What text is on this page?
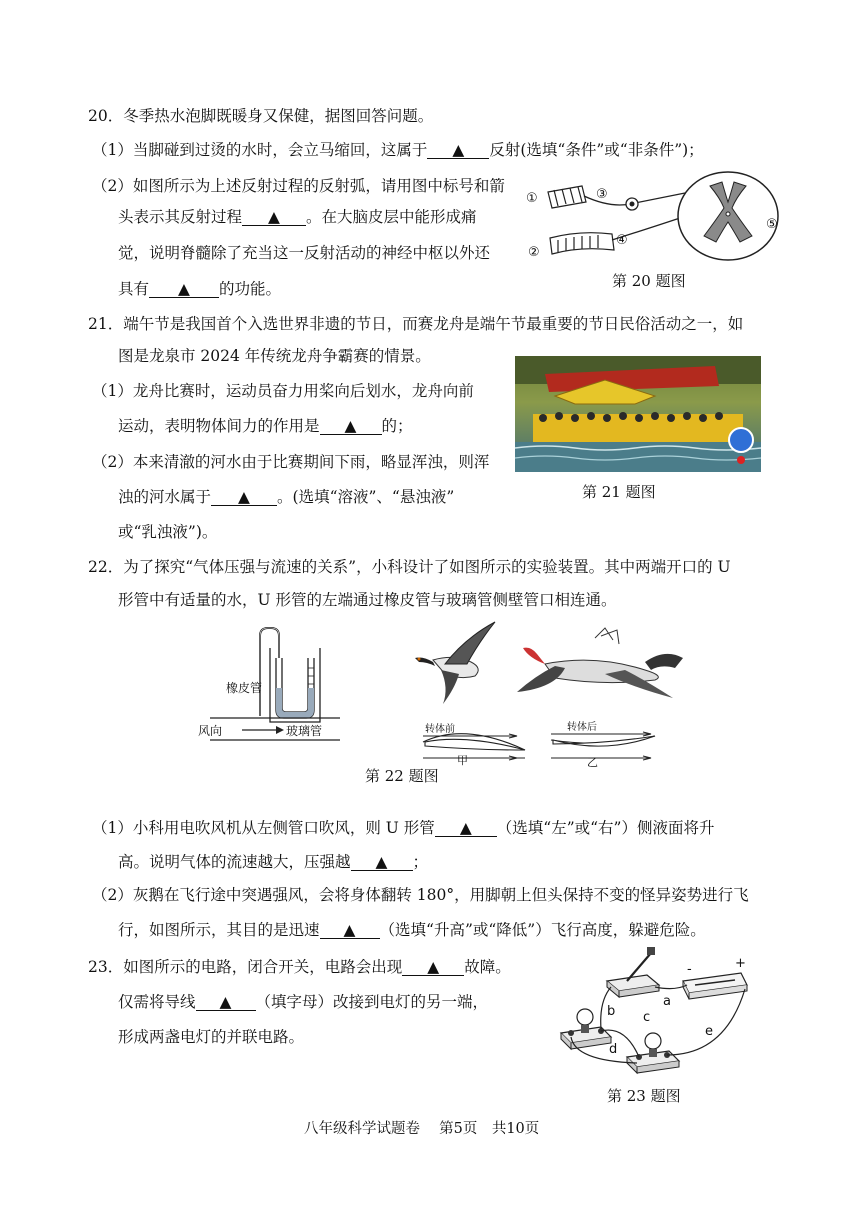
20．冬季热水泡脚既暖身又保健，据图回答问题。
（1）当脚碰到过烫的水时，会立马缩回，这属于 ▲ 反射(选填“条件”或“非条件”)；
（2）如图所示为上述反射过程的反射弧，请用图中标号和箭
头表示其反射过程 ▲ 。在大脑皮层中能形成痛
觉，说明脊髓除了充当这一反射活动的神经中枢以外还
具有 ▲ 的功能。
①
②
③
④
⑤
第 20 题图
21．端午节是我国首个入选世界非遗的节日，而赛龙舟是端午节最重要的节日民俗活动之一，如
图是龙泉市 2024 年传统龙舟争霸赛的情景。
（1）龙舟比赛时，运动员奋力用桨向后划水，龙舟向前
运动，表明物体间力的作用是 ▲ 的；
（2）本来清澈的河水由于比赛期间下雨，略显浑浊，则浑
浊的河水属于 ▲ 。(选填“溶液”、“悬浊液”
或“乳浊液”)。
第 21 题图
22．为了探究“气体压强与流速的关系”，小科设计了如图所示的实验装置。其中两端开口的 U
形管中有适量的水，U 形管的左端通过橡皮管与玻璃管侧壁管口相连通。
橡皮管
风向	玻璃管	转体前	转体后
甲	乙
第 22 题图
（1）小科用电吹风机从左侧管口吹风，则 U 形管 ▲ （选填“左”或“右”）侧液面将升
高。说明气体的流速越大，压强越 ▲ ；
（2）灰鹅在飞行途中突遇强风，会将身体翻转 180°，用脚朝上但头保持不变的怪异姿势进行飞
行，如图所示，其目的是迅速 ▲ （选填“升高”或“降低”）飞行高度，躲避危险。
23．如图所示的电路，闭合开关，电路会出现 ▲ 故障。
仅需将导线 ▲ （填字母）改接到电灯的另一端，
形成两盏电灯的并联电路。
-	+
a
b c
d
e
第 23 题图
八年级科学试题卷　 第5页　共10页
